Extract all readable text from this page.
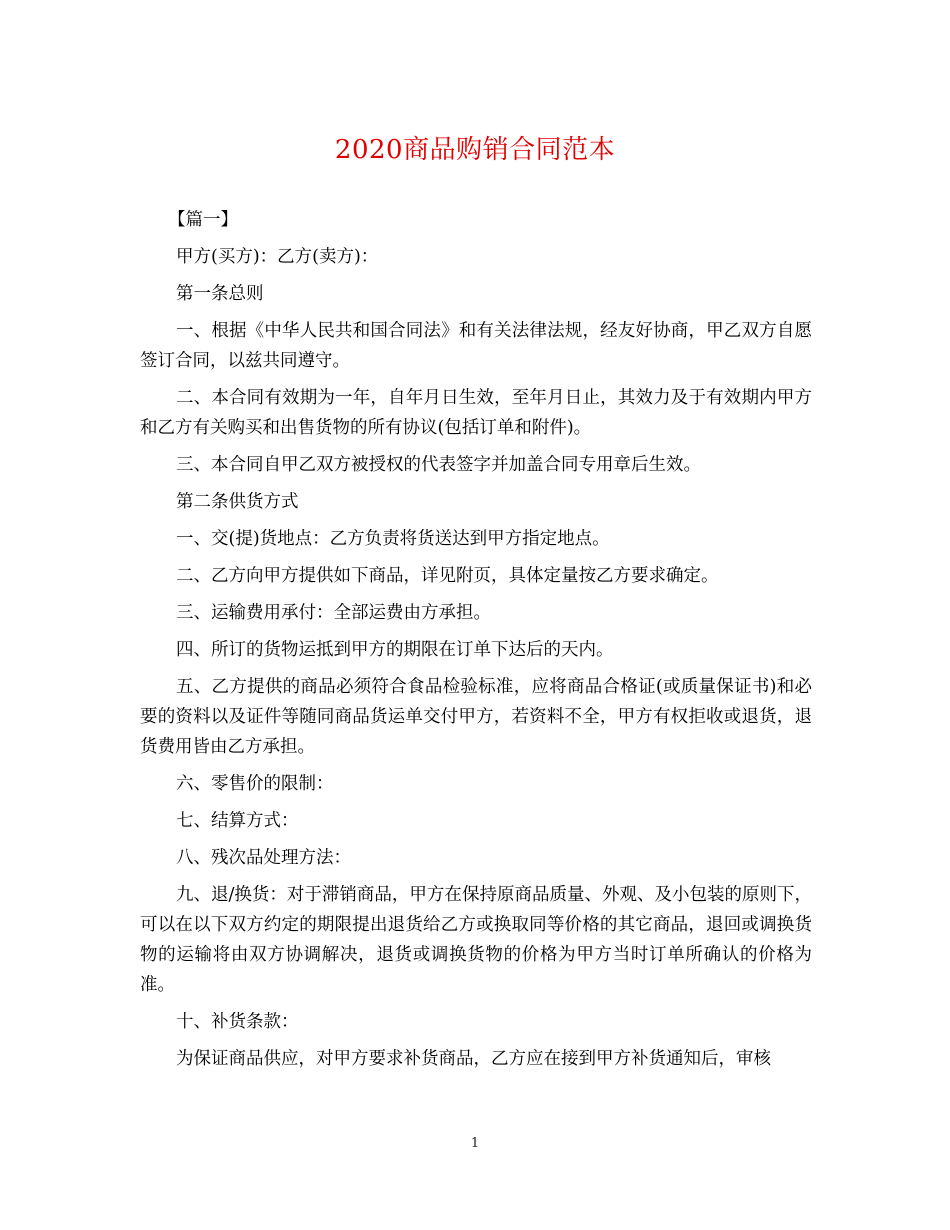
2020商品购销合同范本

【篇一】

甲方(买方)：乙方(卖方)：

第一条总则

一、根据《中华人民共和国合同法》和有关法律法规，经友好协商，甲乙双方自愿签订合同，以兹共同遵守。

二、本合同有效期为一年，自年月日生效，至年月日止，其效力及于有效期内甲方和乙方有关购买和出售货物的所有协议(包括订单和附件)。

三、本合同自甲乙双方被授权的代表签字并加盖合同专用章后生效。

第二条供货方式

一、交(提)货地点：乙方负责将货送达到甲方指定地点。

二、乙方向甲方提供如下商品，详见附页，具体定量按乙方要求确定。

三、运输费用承付：全部运费由方承担。

四、所订的货物运抵到甲方的期限在订单下达后的天内。

五、乙方提供的商品必须符合食品检验标准，应将商品合格证(或质量保证书)和必要的资料以及证件等随同商品货运单交付甲方，若资料不全，甲方有权拒收或退货，退货费用皆由乙方承担。

六、零售价的限制：

七、结算方式：

八、残次品处理方法：

九、退/换货：对于滞销商品，甲方在保持原商品质量、外观、及小包装的原则下，可以在以下双方约定的期限提出退货给乙方或换取同等价格的其它商品，退回或调换货物的运输将由双方协调解决，退货或调换货物的价格为甲方当时订单所确认的价格为准。

十、补货条款：

为保证商品供应，对甲方要求补货商品，乙方应在接到甲方补货通知后，审核

1
